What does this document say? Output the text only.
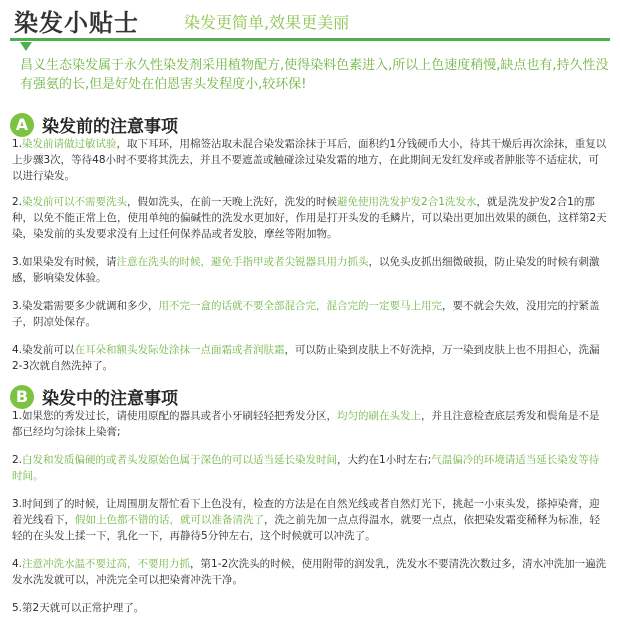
染发小贴士	染发更简单,效果更美丽
昌义生态染发属于永久性染发剂采用植物配方,使得染料色素进入,所以上色速度稍慢,缺点也有,持久性没有强氨的长,但是好处在伯恩害头发程度小,较环保!
A 染发前的注意事项
1.染发前请做过敏试验，取下耳环，用棉签沾取未混合染发霜涂抹于耳后，面积约1分钱硬币大小，待其干燥后再次涂抹，重复以上步骤3次，等待48小时不要将其洗去，并且不要遮盖或触碰涂过染发霜的地方，在此期间无发红发痒或者肿胀等不适症状，可以进行染发。
2.染发前可以不需要洗头，假如洗头，在前一天晚上洗好，洗发的时候避免使用洗发护发2合1洗发水，就是洗发护发2合1的那种，以免不能正常上色，使用单纯的偏碱性的洗发水更加好，作用是打开头发的毛鳞片，可以染出更加出效果的颜色，这样第2天染，染发前的头发要求没有上过任何保养品或者发胶，摩丝等附加物。
3.如果染发有时候，请注意在洗头的时候，避免手指甲或者尖锐器具用力抓头，以免头皮抓出细微破损，防止染发的时候有刺激感，影响染发体验。
3.染发霜需要多少就调和多少，用不完一盒的话就不要全部混合完，混合完的一定要马上用完，要不就会失效，没用完的拧紧盖子，阴凉处保存。
4.染发前可以在耳朵和额头发际处涂抹一点面霜或者润肤霜，可以防止染到皮肤上不好洗掉，万一染到皮肤上也不用担心，洗漏2-3次就自然洗掉了。
B 染发中的注意事项
1.如果您的秀发过长，请使用原配的器具或者小牙刷轻轻把秀发分区，均匀的刷在头发上，并且注意检查底层秀发和鬓角是不是都已经均匀涂抹上染膏;
2.白发和发质偏硬的或者头发原始色属于深色的可以适当延长染发时间，大约在1小时左右;气温偏冷的环境请适当延长染发等待时间。
3.时间到了的时候，让周围朋友帮忙看下上色没有，检查的方法是在自然光线或者自然灯光下，挑起一小束头发，搽掉染膏，迎着光线看下，假如上色都不错的话，就可以准备清洗了，洗之前先加一点点得温水，就要一点点，依把染发霜变稀释为标准，轻轻的在头发上揉一下，乳化一下，再静待5分钟左右，这个时候就可以冲洗了。
4.注意冲洗水温不要过高，不要用力抓，第1-2次洗头的时候，使用附带的润发乳，洗发水不要清洗次数过多，清水冲洗加一遍洗发水洗发就可以，冲洗完全可以把染膏冲洗干净。
5.第2天就可以正常护理了。
